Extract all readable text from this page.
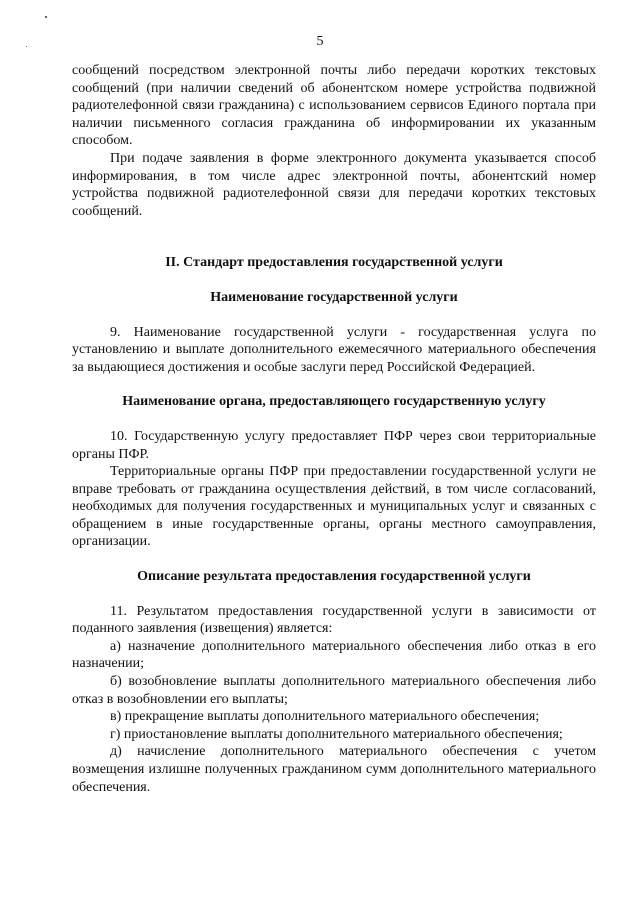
5
сообщений посредством электронной почты либо передачи коротких текстовых сообщений (при наличии сведений об абонентском номере устройства подвижной радиотелефонной связи гражданина) с использованием сервисов Единого портала при наличии письменного согласия гражданина об информировании их указанным способом.
При подаче заявления в форме электронного документа указывается способ информирования, в том числе адрес электронной почты, абонентский номер устройства подвижной радиотелефонной связи для передачи коротких текстовых сообщений.
II. Стандарт предоставления государственной услуги
Наименование государственной услуги
9. Наименование государственной услуги - государственная услуга по установлению и выплате дополнительного ежемесячного материального обеспечения за выдающиеся достижения и особые заслуги перед Российской Федерацией.
Наименование органа, предоставляющего государственную услугу
10. Государственную услугу предоставляет ПФР через свои территориальные органы ПФР.
Территориальные органы ПФР при предоставлении государственной услуги не вправе требовать от гражданина осуществления действий, в том числе согласований, необходимых для получения государственных и муниципальных услуг и связанных с обращением в иные государственные органы, органы местного самоуправления, организации.
Описание результата предоставления государственной услуги
11. Результатом предоставления государственной услуги в зависимости от поданного заявления (извещения) является:
а) назначение дополнительного материального обеспечения либо отказ в его назначении;
б) возобновление выплаты дополнительного материального обеспечения либо отказ в возобновлении его выплаты;
в) прекращение выплаты дополнительного материального обеспечения;
г) приостановление выплаты дополнительного материального обеспечения;
д) начисление дополнительного материального обеспечения с учетом возмещения излишне полученных гражданином сумм дополнительного материального обеспечения.
